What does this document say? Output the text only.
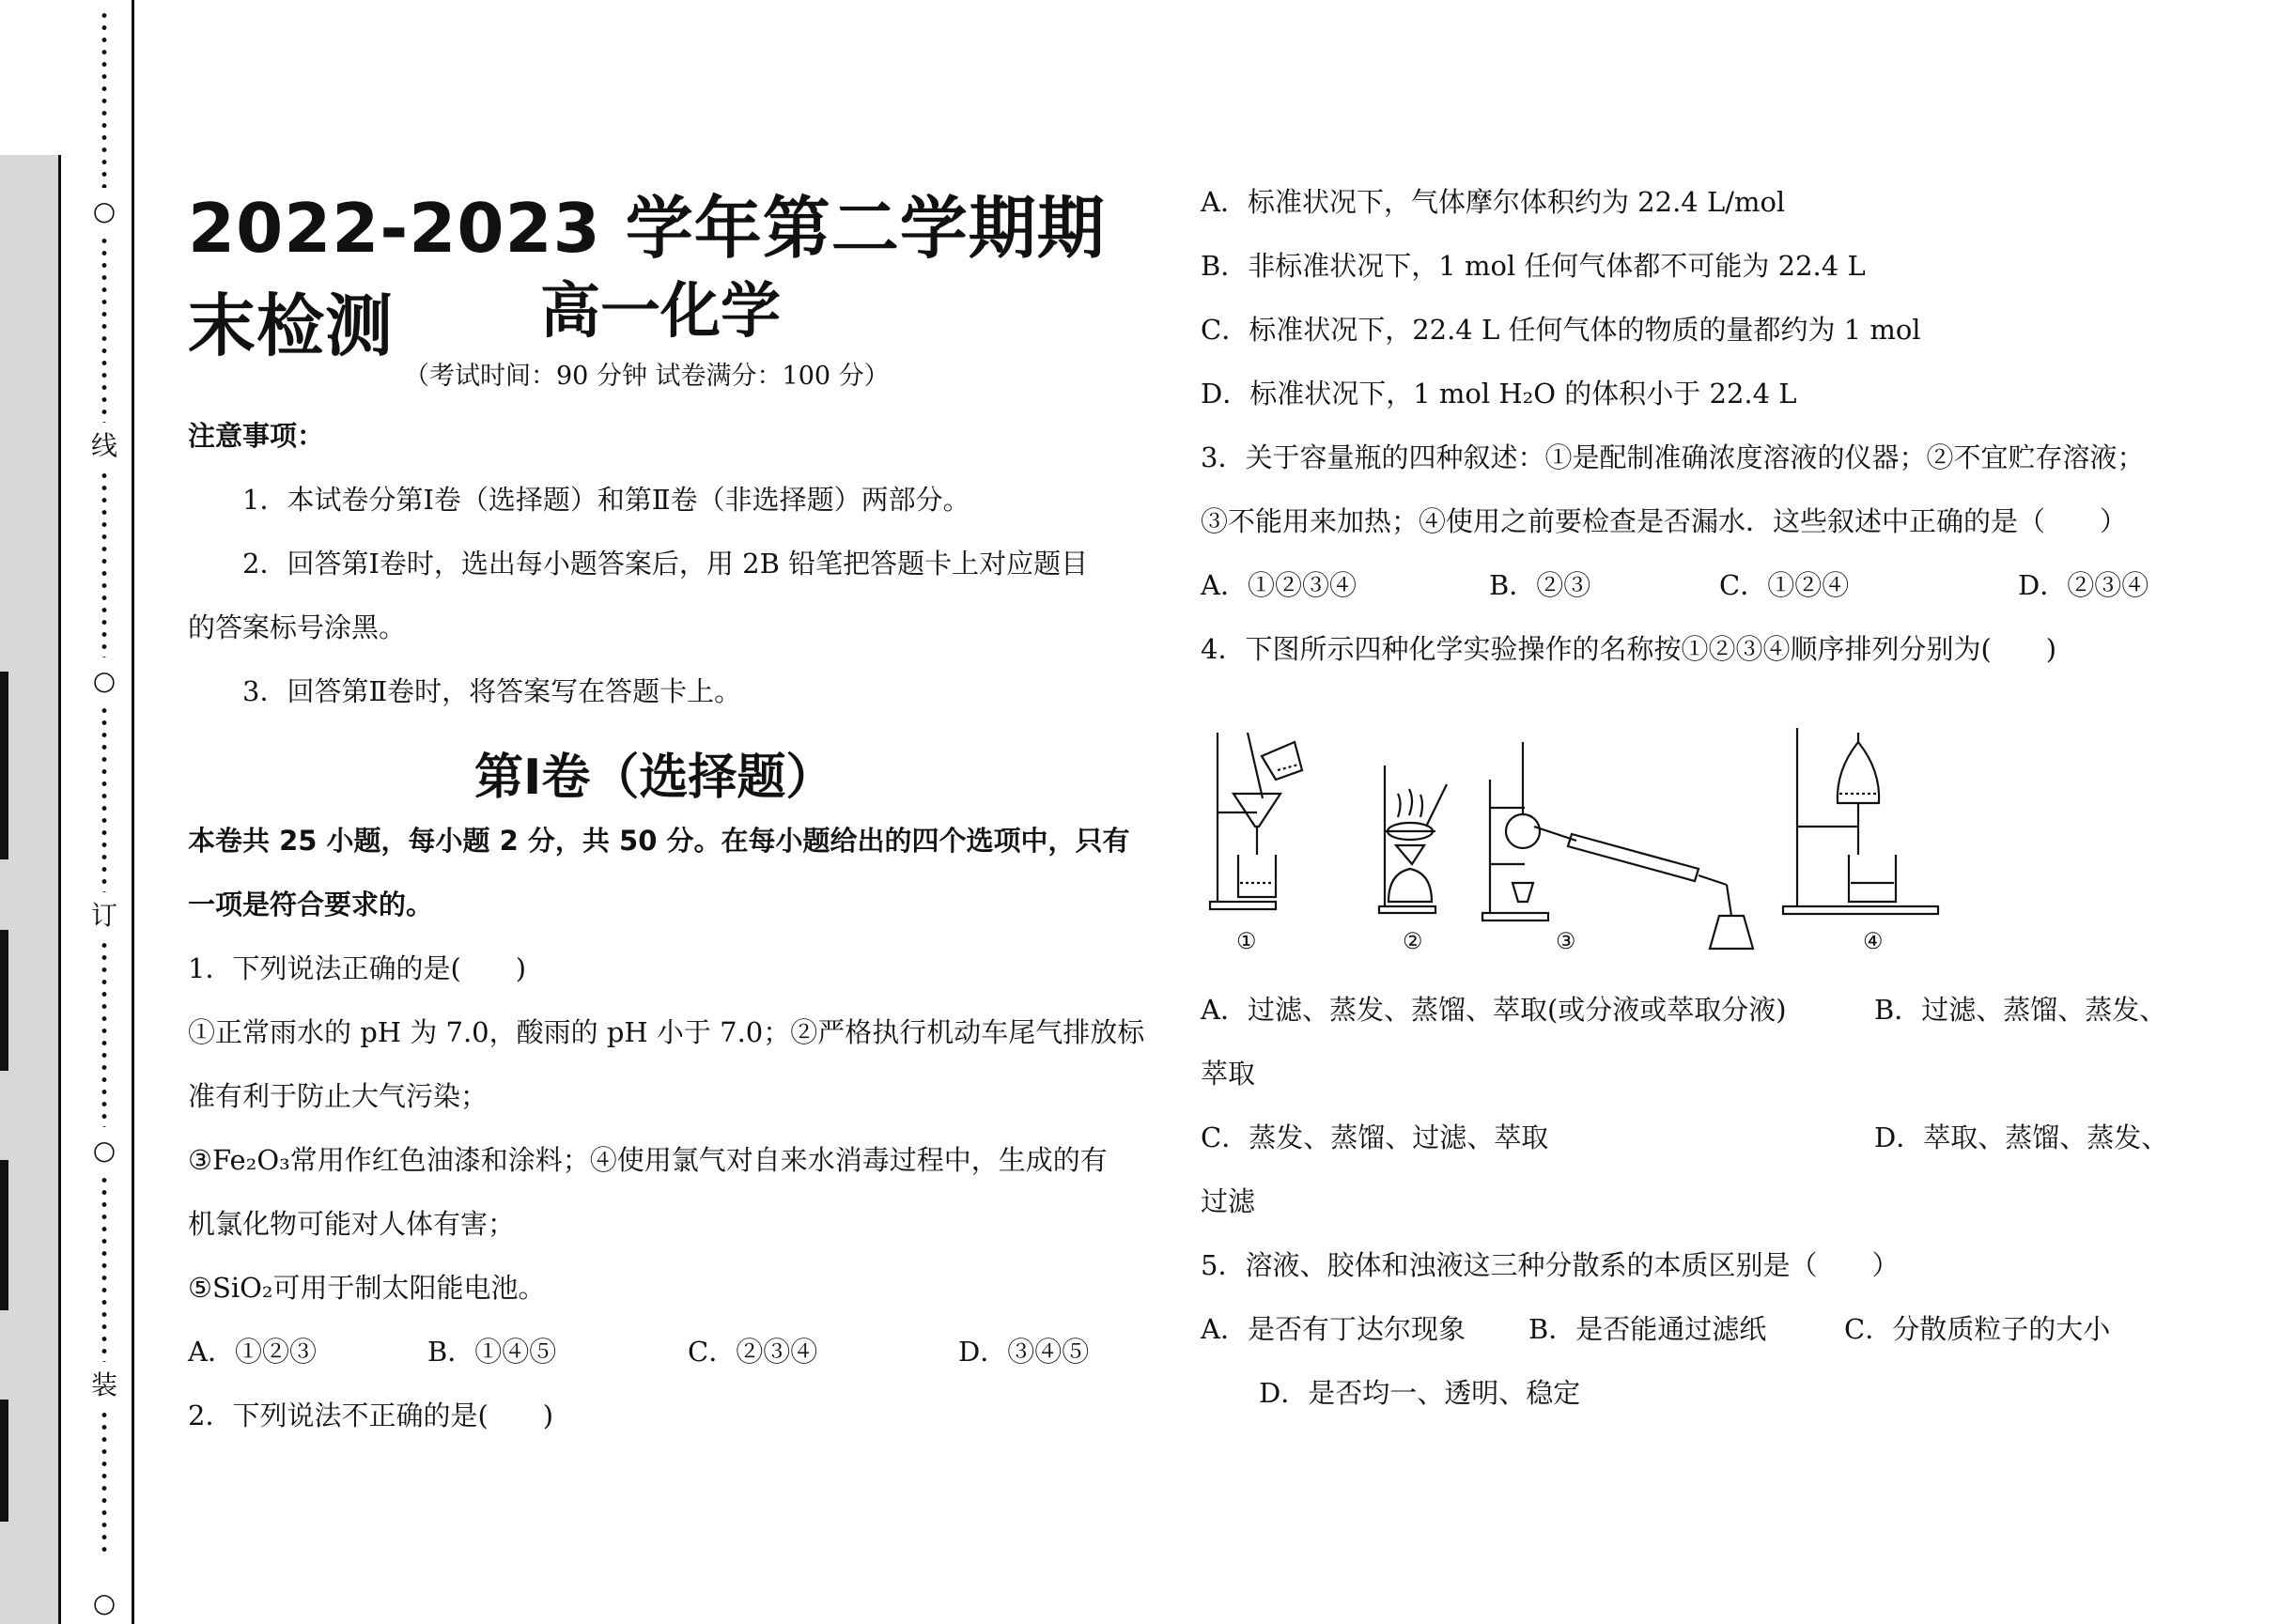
○
线
○
订
○
装
○
2022-2023 学年第二学期期末检测	高一化学
（考试时间：90 分钟 试卷满分：100 分）
注意事项：
1．本试卷分第Ⅰ卷（选择题）和第Ⅱ卷（非选择题）两部分。
2．回答第Ⅰ卷时，选出每小题答案后，用 2B 铅笔把答题卡上对应题目
的答案标号涂黑。
3．回答第Ⅱ卷时，将答案写在答题卡上。
第Ⅰ卷（选择题）
本卷共 25 小题，每小题 2 分，共 50 分。在每小题给出的四个选项中，只有
一项是符合要求的。
1．下列说法正确的是(　　)
①正常雨水的 pH 为 7.0，酸雨的 pH 小于 7.0；②严格执行机动车尾气排放标
准有利于防止大气污染；
③Fe₂O₃常用作红色油漆和涂料；④使用氯气对自来水消毒过程中，生成的有
机氯化物可能对人体有害；
⑤SiO₂可用于制太阳能电池。
A．①②③	B．①④⑤	C．②③④	D．③④⑤
2．下列说法不正确的是(　　)
A．标准状况下，气体摩尔体积约为 22.4 L/mol
B．非标准状况下，1 mol 任何气体都不可能为 22.4 L
C．标准状况下，22.4 L 任何气体的物质的量都约为 1 mol
D．标准状况下，1 mol H₂O 的体积小于 22.4 L
3．关于容量瓶的四种叙述：①是配制准确浓度溶液的仪器；②不宜贮存溶液；
③不能用来加热；④使用之前要检查是否漏水．这些叙述中正确的是（　　）
A．①②③④	B．②③	C．①②④	D．②③④
4．下图所示四种化学实验操作的名称按①②③④顺序排列分别为(　　)
①	②	③	④
A．过滤、蒸发、蒸馏、萃取(或分液或萃取分液)	B．过滤、蒸馏、蒸发、
萃取
C．蒸发、蒸馏、过滤、萃取	D．萃取、蒸馏、蒸发、
过滤
5．溶液、胶体和浊液这三种分散系的本质区别是（　　）
A．是否有丁达尔现象 B．是否能通过滤纸	C．分散质粒子的大小
D．是否均一、透明、稳定
